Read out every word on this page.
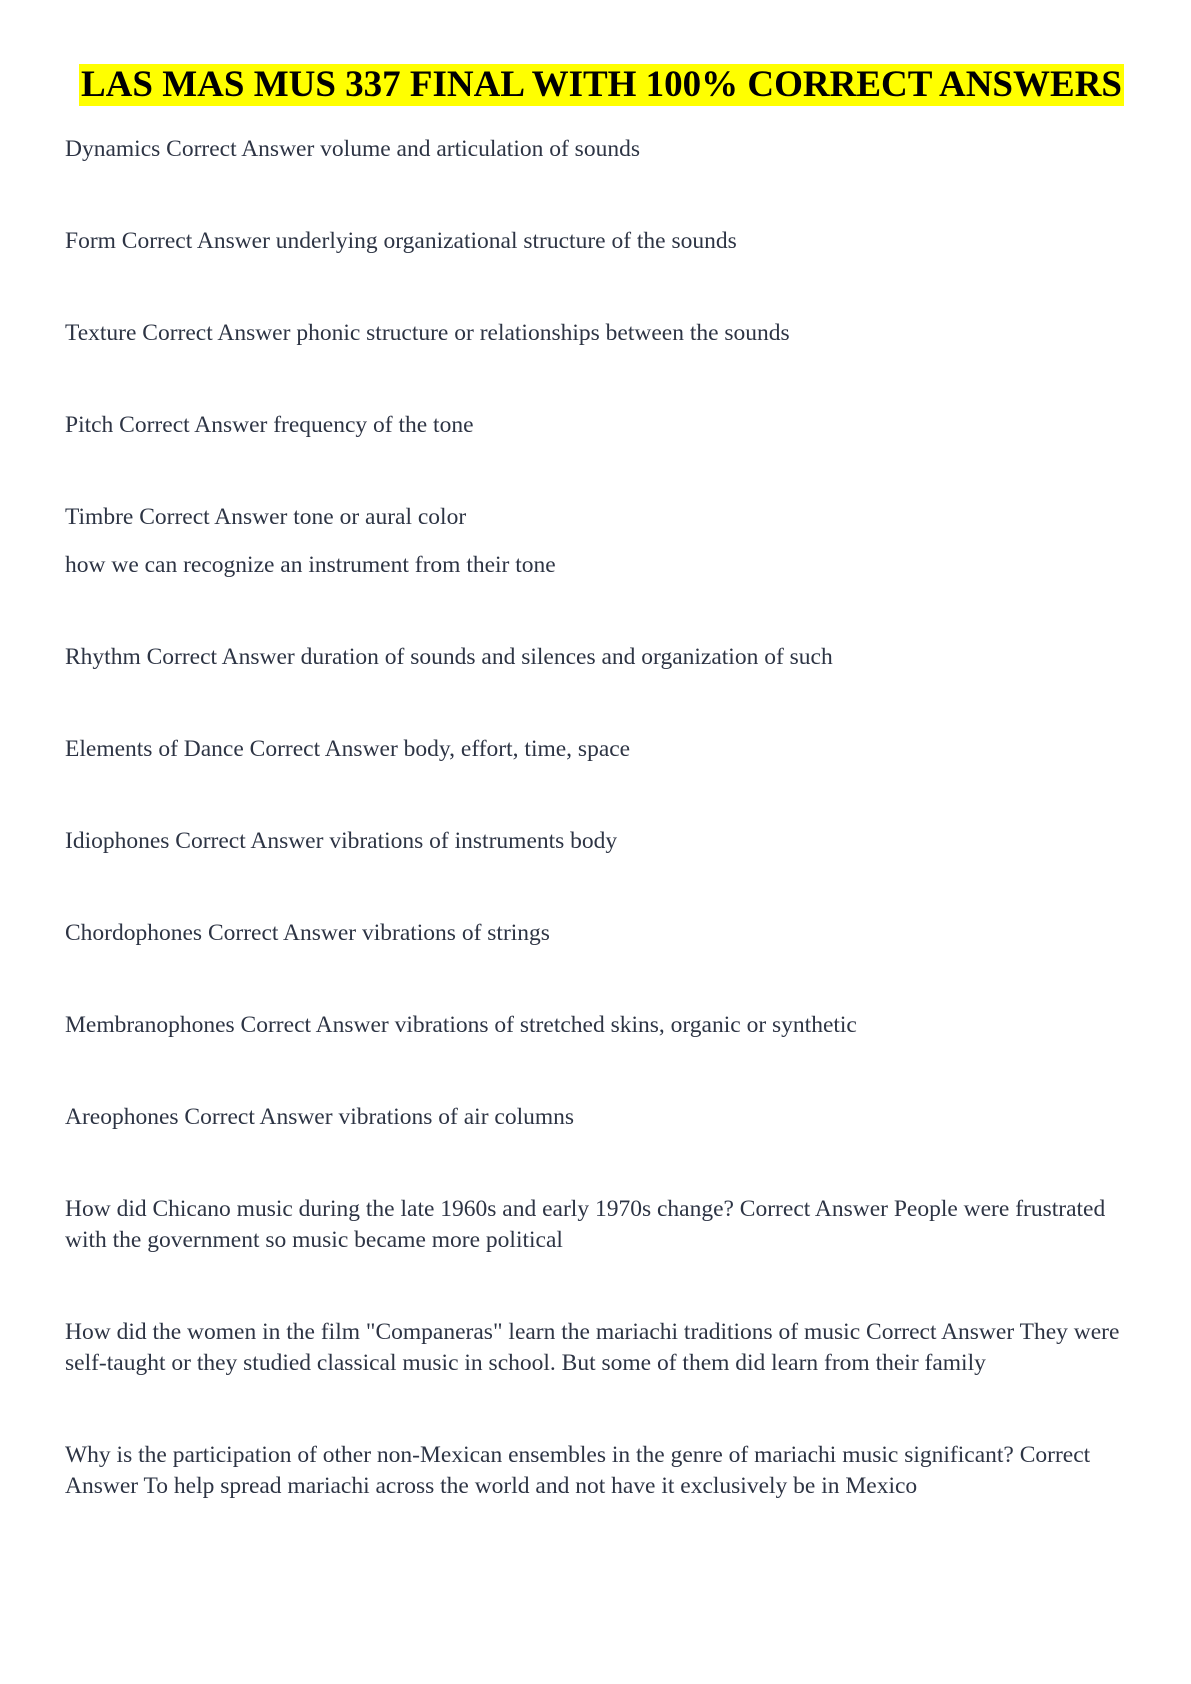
LAS MAS MUS 337 FINAL WITH 100% CORRECT ANSWERS

Dynamics Correct Answer volume and articulation of sounds

Form Correct Answer underlying organizational structure of the sounds

Texture Correct Answer phonic structure or relationships between the sounds

Pitch Correct Answer frequency of the tone

Timbre Correct Answer tone or aural color

how we can recognize an instrument from their tone

Rhythm Correct Answer duration of sounds and silences and organization of such

Elements of Dance Correct Answer body, effort, time, space

Idiophones Correct Answer vibrations of instruments body

Chordophones Correct Answer vibrations of strings

Membranophones Correct Answer vibrations of stretched skins, organic or synthetic

Areophones Correct Answer vibrations of air columns

How did Chicano music during the late 1960s and early 1970s change? Correct Answer People were frustrated with the government so music became more political

How did the women in the film "Companeras" learn the mariachi traditions of music Correct Answer They were self-taught or they studied classical music in school. But some of them did learn from their family

Why is the participation of other non-Mexican ensembles in the genre of mariachi music significant? Correct Answer To help spread mariachi across the world and not have it exclusively be in Mexico
